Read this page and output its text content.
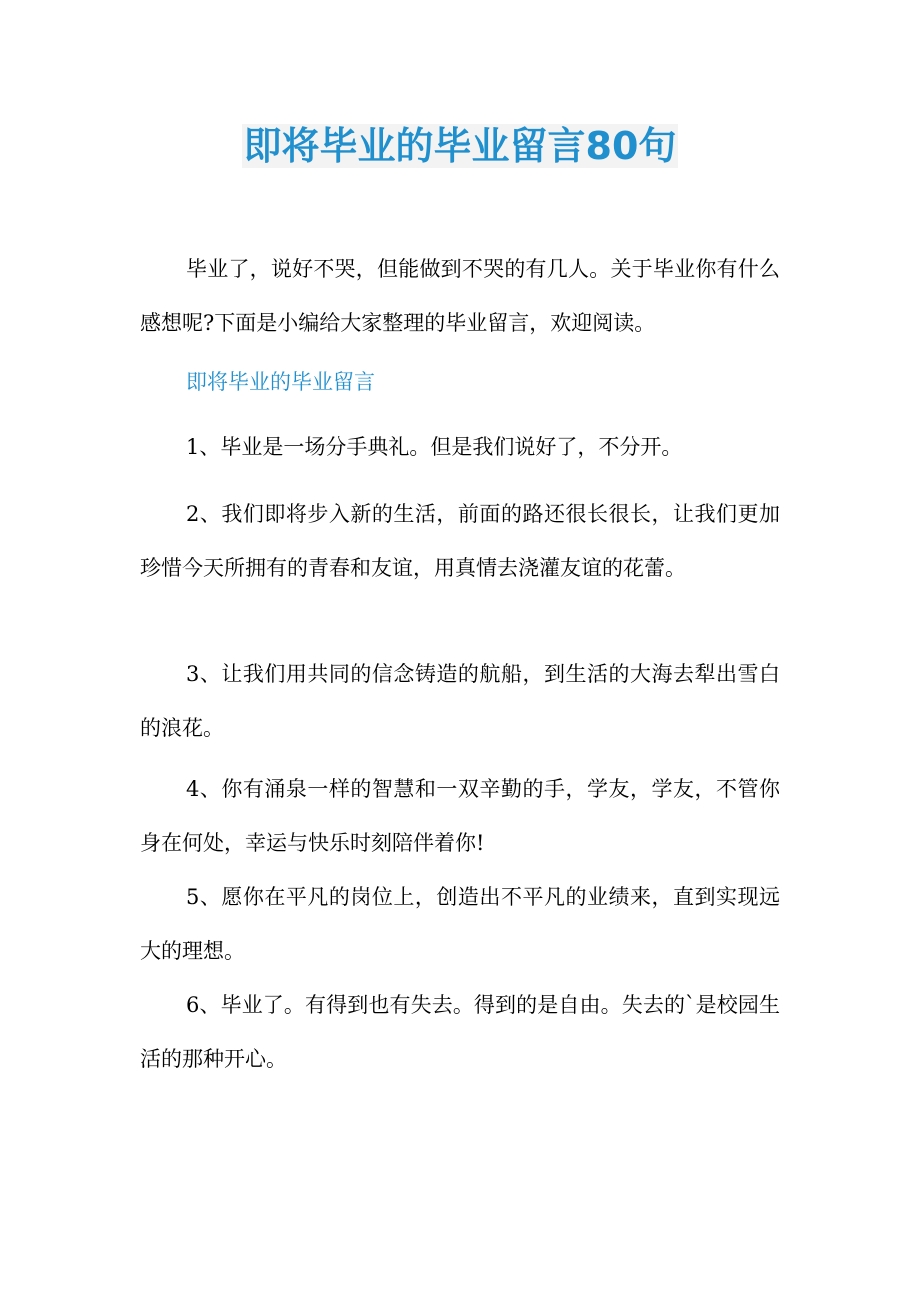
即将毕业的毕业留言80句

毕业了，说好不哭，但能做到不哭的有几人。关于毕业你有什么感想呢?下面是小编给大家整理的毕业留言，欢迎阅读。

即将毕业的毕业留言

1、毕业是一场分手典礼。但是我们说好了，不分开。

2、我们即将步入新的生活，前面的路还很长很长，让我们更加珍惜今天所拥有的青春和友谊，用真情去浇灌友谊的花蕾。

3、让我们用共同的信念铸造的航船，到生活的大海去犁出雪白的浪花。

4、你有涌泉一样的智慧和一双辛勤的手，学友，学友，不管你身在何处，幸运与快乐时刻陪伴着你!

5、愿你在平凡的岗位上，创造出不平凡的业绩来，直到实现远大的理想。

6、毕业了。有得到也有失去。得到的是自由。失去的`是校园生活的那种开心。
